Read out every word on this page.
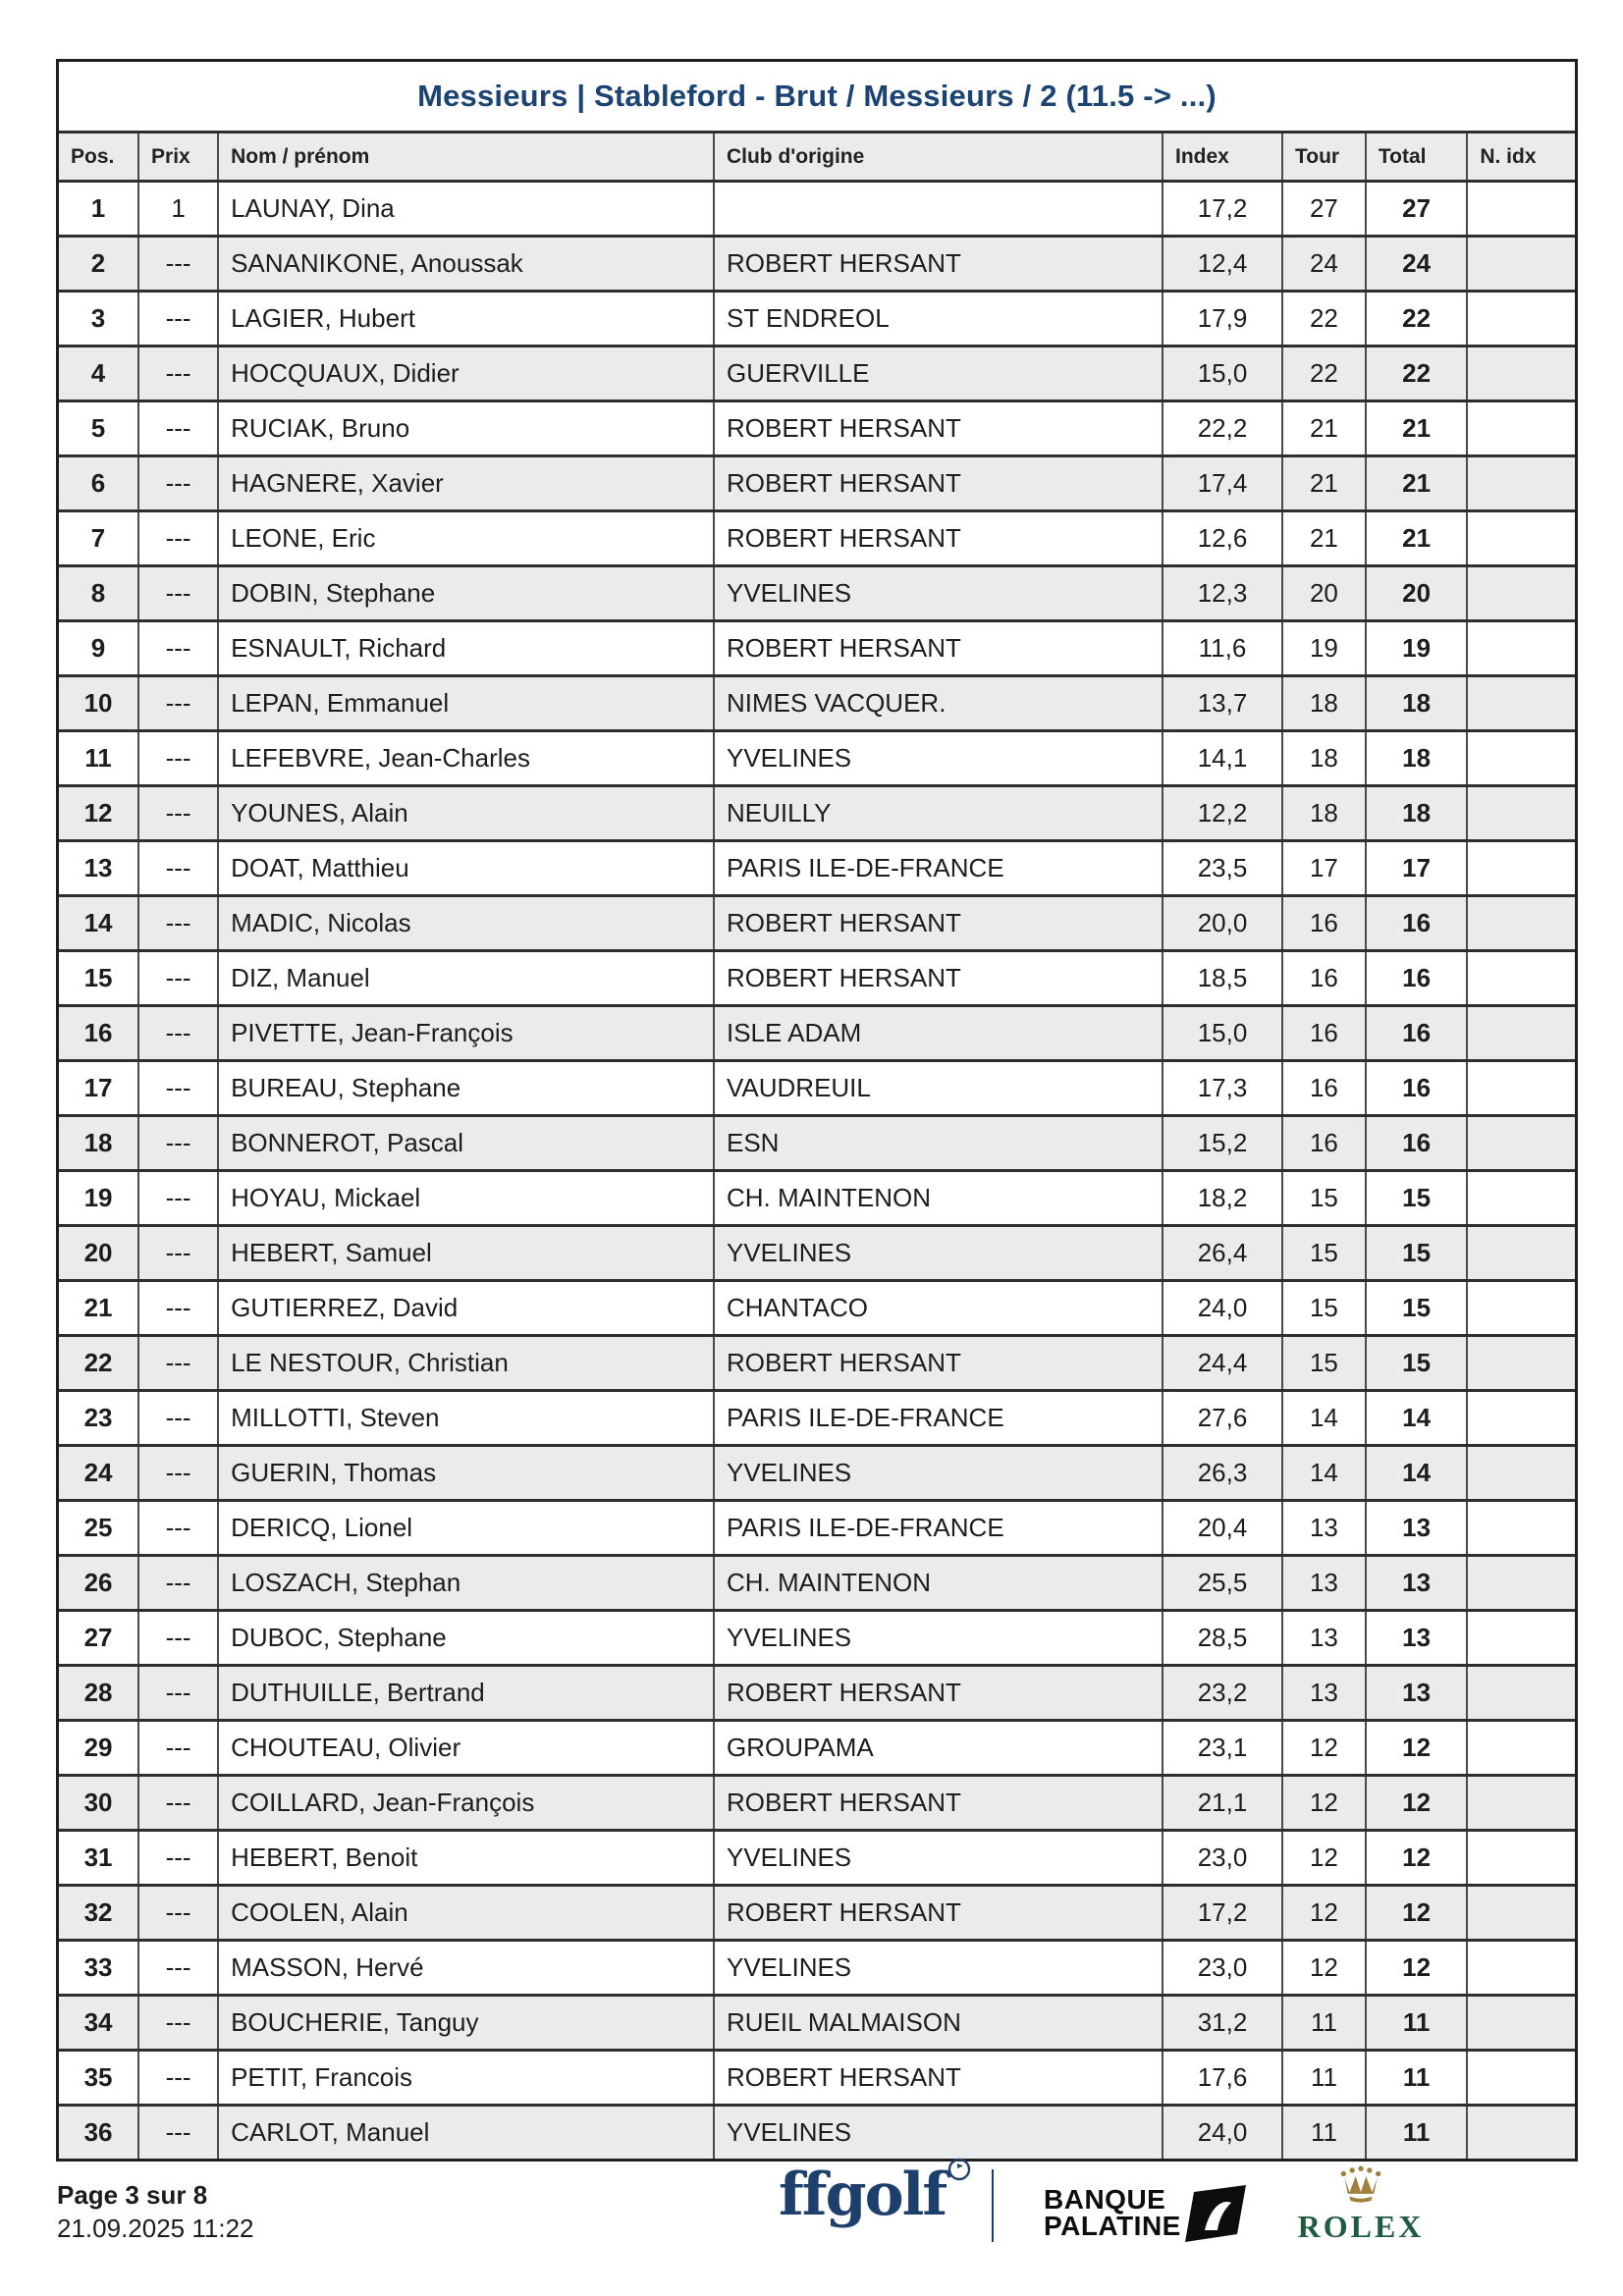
Messieurs | Stableford - Brut / Messieurs / 2 (11.5 -> ...)
Pos.	Prix	Nom / prénom	Club d'origine	Index	Tour	Total	N. idx
1	1	LAUNAY, Dina		17,2	27	27	
2	---	SANANIKONE, Anoussak	ROBERT HERSANT	12,4	24	24	
3	---	LAGIER, Hubert	ST ENDREOL	17,9	22	22	
4	---	HOCQUAUX, Didier	GUERVILLE	15,0	22	22	
5	---	RUCIAK, Bruno	ROBERT HERSANT	22,2	21	21	
6	---	HAGNERE, Xavier	ROBERT HERSANT	17,4	21	21	
7	---	LEONE, Eric	ROBERT HERSANT	12,6	21	21	
8	---	DOBIN, Stephane	YVELINES	12,3	20	20	
9	---	ESNAULT, Richard	ROBERT HERSANT	11,6	19	19	
10	---	LEPAN, Emmanuel	NIMES VACQUER.	13,7	18	18	
11	---	LEFEBVRE, Jean-Charles	YVELINES	14,1	18	18	
12	---	YOUNES, Alain	NEUILLY	12,2	18	18	
13	---	DOAT, Matthieu	PARIS ILE-DE-FRANCE	23,5	17	17	
14	---	MADIC, Nicolas	ROBERT HERSANT	20,0	16	16	
15	---	DIZ, Manuel	ROBERT HERSANT	18,5	16	16	
16	---	PIVETTE, Jean-François	ISLE ADAM	15,0	16	16	
17	---	BUREAU, Stephane	VAUDREUIL	17,3	16	16	
18	---	BONNEROT, Pascal	ESN	15,2	16	16	
19	---	HOYAU, Mickael	CH. MAINTENON	18,2	15	15	
20	---	HEBERT, Samuel	YVELINES	26,4	15	15	
21	---	GUTIERREZ, David	CHANTACO	24,0	15	15	
22	---	LE NESTOUR, Christian	ROBERT HERSANT	24,4	15	15	
23	---	MILLOTTI, Steven	PARIS ILE-DE-FRANCE	27,6	14	14	
24	---	GUERIN, Thomas	YVELINES	26,3	14	14	
25	---	DERICQ, Lionel	PARIS ILE-DE-FRANCE	20,4	13	13	
26	---	LOSZACH, Stephan	CH. MAINTENON	25,5	13	13	
27	---	DUBOC, Stephane	YVELINES	28,5	13	13	
28	---	DUTHUILLE, Bertrand	ROBERT HERSANT	23,2	13	13	
29	---	CHOUTEAU, Olivier	GROUPAMA	23,1	12	12	
30	---	COILLARD, Jean-François	ROBERT HERSANT	21,1	12	12	
31	---	HEBERT, Benoit	YVELINES	23,0	12	12	
32	---	COOLEN, Alain	ROBERT HERSANT	17,2	12	12	
33	---	MASSON, Hervé	YVELINES	23,0	12	12	
34	---	BOUCHERIE, Tanguy	RUEIL MALMAISON	31,2	11	11	
35	---	PETIT, Francois	ROBERT HERSANT	17,6	11	11	
36	---	CARLOT, Manuel	YVELINES	24,0	11	11	
Page 3 sur 8
21.09.2025 11:22	ffgolf	BANQUE
PALATINE	ROLEX
